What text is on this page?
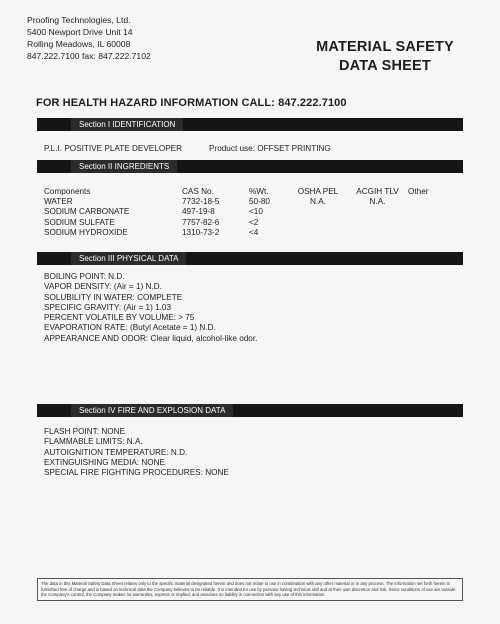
Proofing Technologies, Ltd.
5400 Newport Drive Unit 14
Rolling Meadows, IL 60008
847.222.7100 fax: 847.222.7102
MATERIAL SAFETY
DATA SHEET
FOR HEALTH HAZARD INFORMATION CALL: 847.222.7100
Section I IDENTIFICATION
P.L.I. POSITIVE PLATE DEVELOPER	Product use: OFFSET PRINTING
Section II INGREDIENTS
Components	CAS No.	%Wt.	OSHA PEL	ACGIH TLV	Other
WATER	7732-18-5	50-80	N.A.	N.A.	
SODIUM CARBONATE	497-19-8	<10			
SODIUM SULFATE	7757-82-6	<2			
SODIUM HYDROXIDE	1310-73-2	<4			
Section III PHYSICAL DATA
BOILING POINT: N.D.
VAPOR DENSITY: (Air = 1) N.D.
SOLUBILITY IN WATER: COMPLETE
SPECIFIC GRAVITY: (Air = 1) 1.03
PERCENT VOLATILE BY VOLUME: > 75
EVAPORATION RATE: (Butyl Acetate = 1) N.D.
APPEARANCE AND ODOR: Clear liquid, alcohol-like odor.
Section IV FIRE AND EXPLOSION DATA
FLASH POINT: NONE
FLAMMABLE LIMITS: N.A.
AUTOIGNITION TEMPERATURE: N.D.
EXTINGUISHING MEDIA: NONE
SPECIAL FIRE FIGHTING PROCEDURES: NONE
The data in this Material Safety Data Sheet relates only to the specific material designated herein and does not relate to use in combination with any other material or in any process. The information set forth herein is furnished free of charge and is based on technical data the Company believes to be reliable. It is intended for use by persons having technical skill and at their own discretion and risk. Since conditions of use are outside the Company's control, the Company makes no warranties, express or implied, and assumes no liability in connection with any use of this information.
